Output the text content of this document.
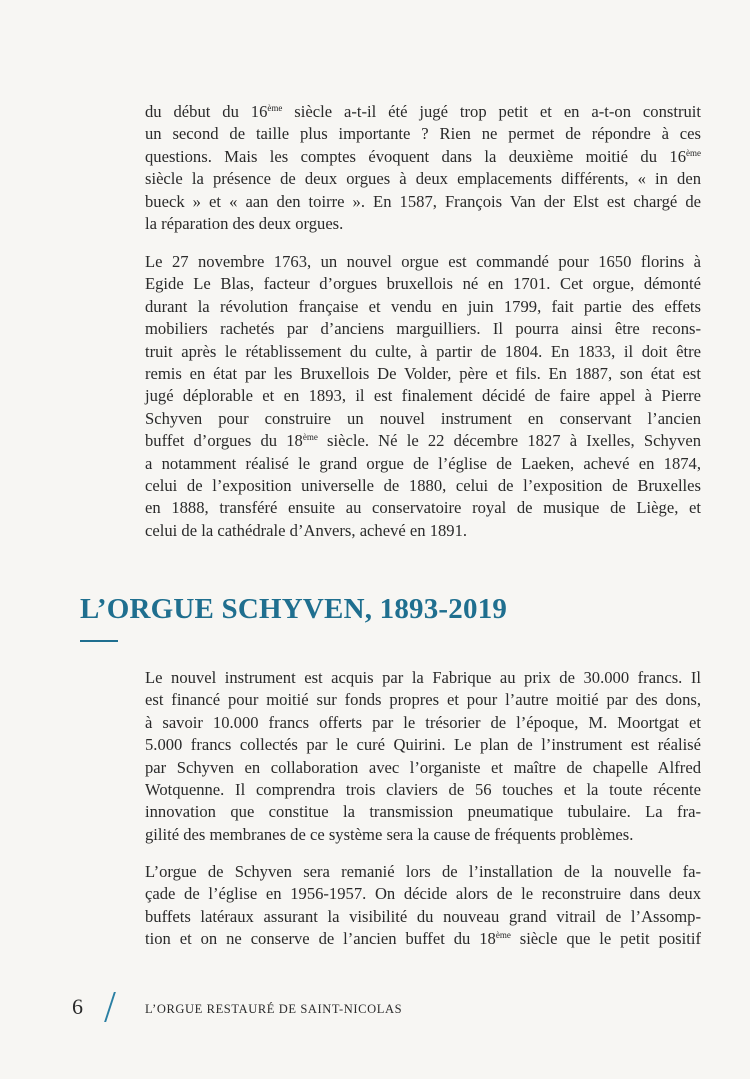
du début du 16ème siècle a-t-il été jugé trop petit et en a-t-on construit
un second de taille plus importante ? Rien ne permet de répondre à ces
questions. Mais les comptes évoquent dans la deuxième moitié du 16ème
siècle la présence de deux orgues à deux emplacements différents, « in den
bueck » et « aan den toirre ». En 1587, François Van der Elst est chargé de
la réparation des deux orgues.
Le 27 novembre 1763, un nouvel orgue est commandé pour 1650 florins à
Egide Le Blas, facteur d’orgues bruxellois né en 1701. Cet orgue, démonté
durant la révolution française et vendu en juin 1799, fait partie des effets
mobiliers rachetés par d’anciens marguilliers. Il pourra ainsi être recons-
truit après le rétablissement du culte, à partir de 1804. En 1833, il doit être
remis en état par les Bruxellois De Volder, père et fils. En 1887, son état est
jugé déplorable et en 1893, il est finalement décidé de faire appel à Pierre
Schyven pour construire un nouvel instrument en conservant l’ancien
buffet d’orgues du 18ème siècle. Né le 22 décembre 1827 à Ixelles, Schyven
a notamment réalisé le grand orgue de l’église de Laeken, achevé en 1874,
celui de l’exposition universelle de 1880, celui de l’exposition de Bruxelles
en 1888, transféré ensuite au conservatoire royal de musique de Liège, et
celui de la cathédrale d’Anvers, achevé en 1891.
L’ORGUE SCHYVEN, 1893-2019
Le nouvel instrument est acquis par la Fabrique au prix de 30.000 francs. Il
est financé pour moitié sur fonds propres et pour l’autre moitié par des dons,
à savoir 10.000 francs offerts par le trésorier de l’époque, M. Moortgat et
5.000 francs collectés par le curé Quirini. Le plan de l’instrument est réalisé
par Schyven en collaboration avec l’organiste et maître de chapelle Alfred
Wotquenne. Il comprendra trois claviers de 56 touches et la toute récente
innovation que constitue la transmission pneumatique tubulaire. La fra-
gilité des membranes de ce système sera la cause de fréquents problèmes.
L’orgue de Schyven sera remanié lors de l’installation de la nouvelle fa-
çade de l’église en 1956-1957. On décide alors de le reconstruire dans deux
buffets latéraux assurant la visibilité du nouveau grand vitrail de l’Assomp-
tion et on ne conserve de l’ancien buffet du 18ème siècle que le petit positif
6	L’ORGUE RESTAURÉ DE SAINT-NICOLAS
